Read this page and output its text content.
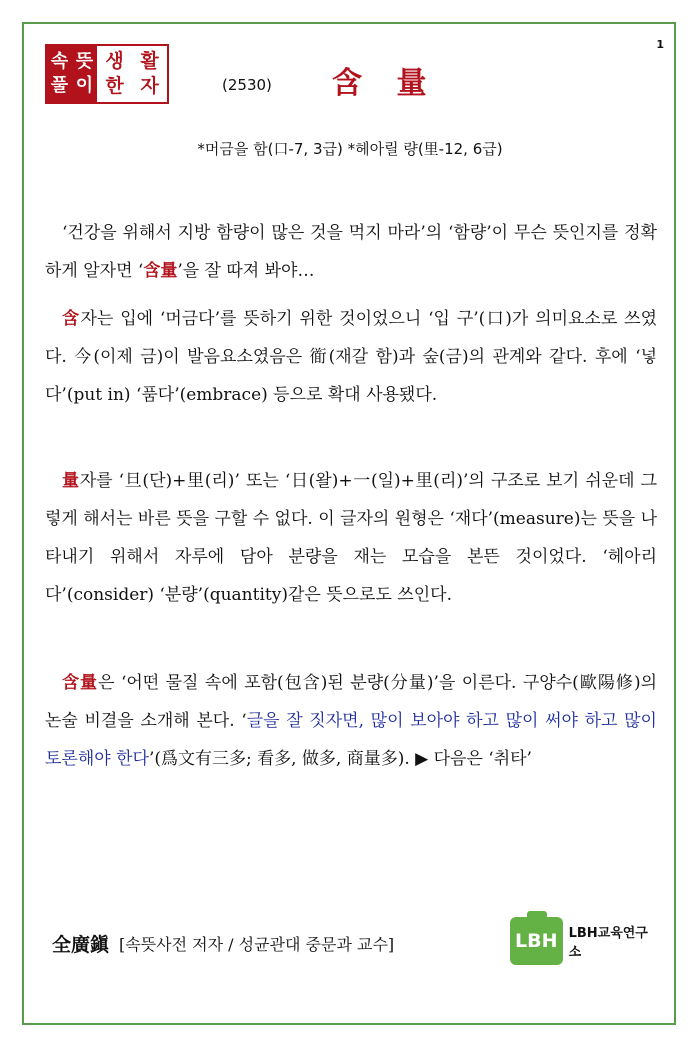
1
속 뜻
풀 이
생 활
한 자	(2530) 含 量
*머금을 함(口-7, 3급) *헤아릴 량(里-12, 6급)

‘건강을 위해서 지방 함량이 많은 것을 먹지 마라’의 ‘함량’이 무슨 뜻인지를 정확하게 알자면 ‘含量’을 잘 따져 봐야…

含자는 입에 ‘머금다’를 뜻하기 위한 것이었으니 ‘입 구’(口)가 의미요소로 쓰였다. 今(이제 금)이 발음요소였음은 衜(재갈 함)과 숲(금)의 관계와 같다. 후에 ‘넣다’(put in) ‘품다’(embrace) 등으로 확대 사용됐다.

量자를 ‘旦(단)+里(리)’ 또는 ‘日(왈)+一(일)+里(리)’의 구조로 보기 쉬운데 그렇게 해서는 바른 뜻을 구할 수 없다. 이 글자의 원형은 ‘재다’(measure)는 뜻을 나타내기 위해서 자루에 담아 분량을 재는 모습을 본뜬 것이었다. ‘헤아리다’(consider) ‘분량’(quantity)같은 뜻으로도 쓰인다.

含量은 ‘어떤 물질 속에 포함(包含)된 분량(分量)’을 이른다. 구양수(歐陽修)의 논술 비결을 소개해 본다. ‘글을 잘 짓자면, 많이 보아야 하고 많이 써야 하고 많이 토론해야 한다’(爲文有三多; 看多, 做多, 商量多). ▶ 다음은 ‘취타’

全廣鎭 [속뜻사전 저자 / 성균관대 중문과 교수]	LBH LBH교육연구소
